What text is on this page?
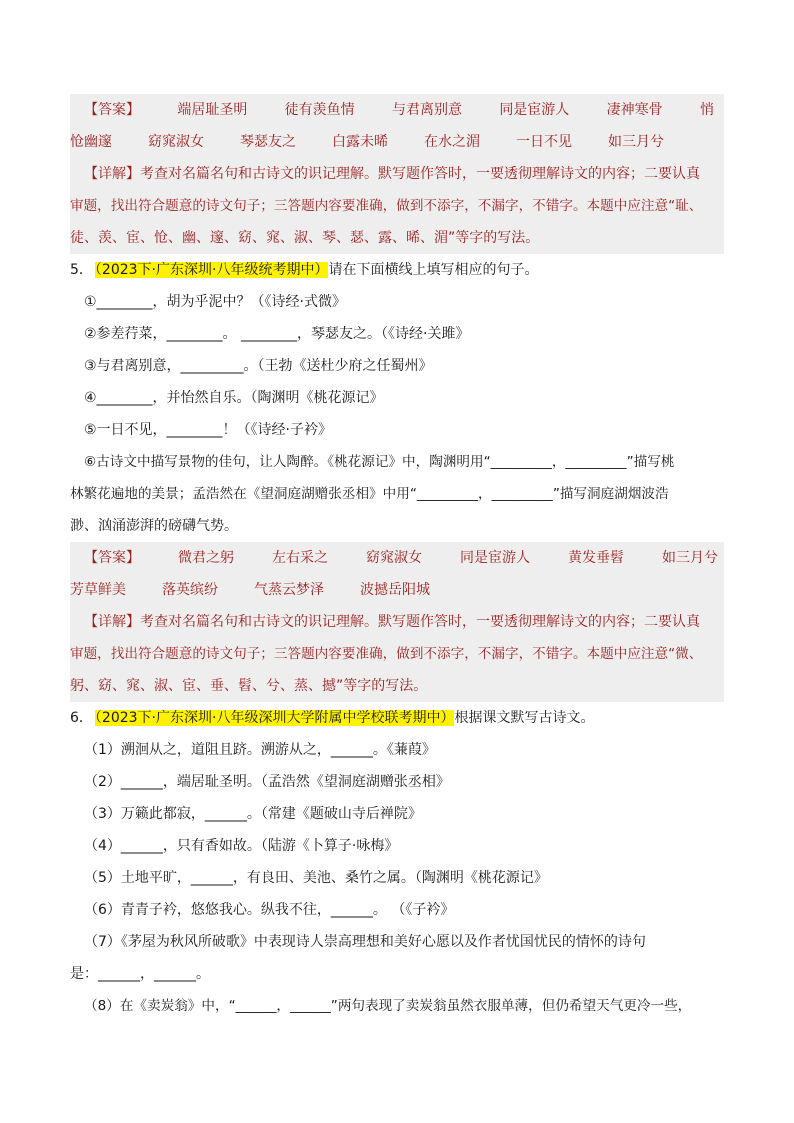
【答案】	端居耻圣明	徒有羡鱼情	与君离别意	同是宦游人	凄神寒骨	悄
怆幽邃	窈窕淑女	琴瑟友之	白露未晞	在水之湄	一日不见	如三月兮
【详解】考查对名篇名句和古诗文的识记理解。默写题作答时，一要透彻理解诗文的内容；二要认真
审题，找出符合题意的诗文句子；三答题内容要准确，做到不添字，不漏字，不错字。本题中应注意“耻、
徒、羡、宦、怆、幽、邃、窈、窕、淑、琴、瑟、露、晞、湄”等字的写法。
5． （2023下·广东深圳·八年级统考期中）请在下面横线上填写相应的句子。
①________，胡为乎泥中？（《诗经·式微》
②参差荇菜，________。 ________，琴瑟友之。（《诗经·关雎》
③与君离别意，_________。（王勃《送杜少府之任蜀州》
④________，并怡然自乐。（陶渊明《桃花源记》
⑤一日不见，________！（《诗经·子衿》
⑥古诗文中描写景物的佳句，让人陶醉。《桃花源记》中，陶渊明用“_________，_________”描写桃
林繁花遍地的美景；孟浩然在《望洞庭湖赠张丞相》中用“_________，_________”描写洞庭湖烟波浩
渺、汹涌澎湃的磅礴气势。
【答案】	微君之躬	左右采之	窈窕淑女	同是宦游人	黄发垂髫	如三月兮
芳草鲜美	落英缤纷	气蒸云梦泽	波撼岳阳城
【详解】考查对名篇名句和古诗文的识记理解。默写题作答时，一要透彻理解诗文的内容；二要认真
审题，找出符合题意的诗文句子；三答题内容要准确，做到不添字，不漏字，不错字。本题中应注意“微、
躬、窈、窕、淑、宦、垂、髫、兮、蒸、撼”等字的写法。
6． （2023下·广东深圳·八年级深圳大学附属中学校联考期中）根据课文默写古诗文。
（1）溯洄从之，道阻且跻。溯游从之，______。《蒹葭》
（2）______，端居耻圣明。（孟浩然《望洞庭湖赠张丞相》
（3）万籁此都寂，______。（常建《题破山寺后禅院》
（4）______，只有香如故。（陆游《卜算子·咏梅》
（5）土地平旷，______，有良田、美池、桑竹之属。（陶渊明《桃花源记》
（6）青青子衿，悠悠我心。纵我不往，______。 （《子衿》
（7）《茅屋为秋风所破歌》中表现诗人崇高理想和美好心愿以及作者忧国忧民的情怀的诗句
是：______，______。
（8）在《卖炭翁》中，“______，______”两句表现了卖炭翁虽然衣服单薄，但仍希望天气更冷一些，
